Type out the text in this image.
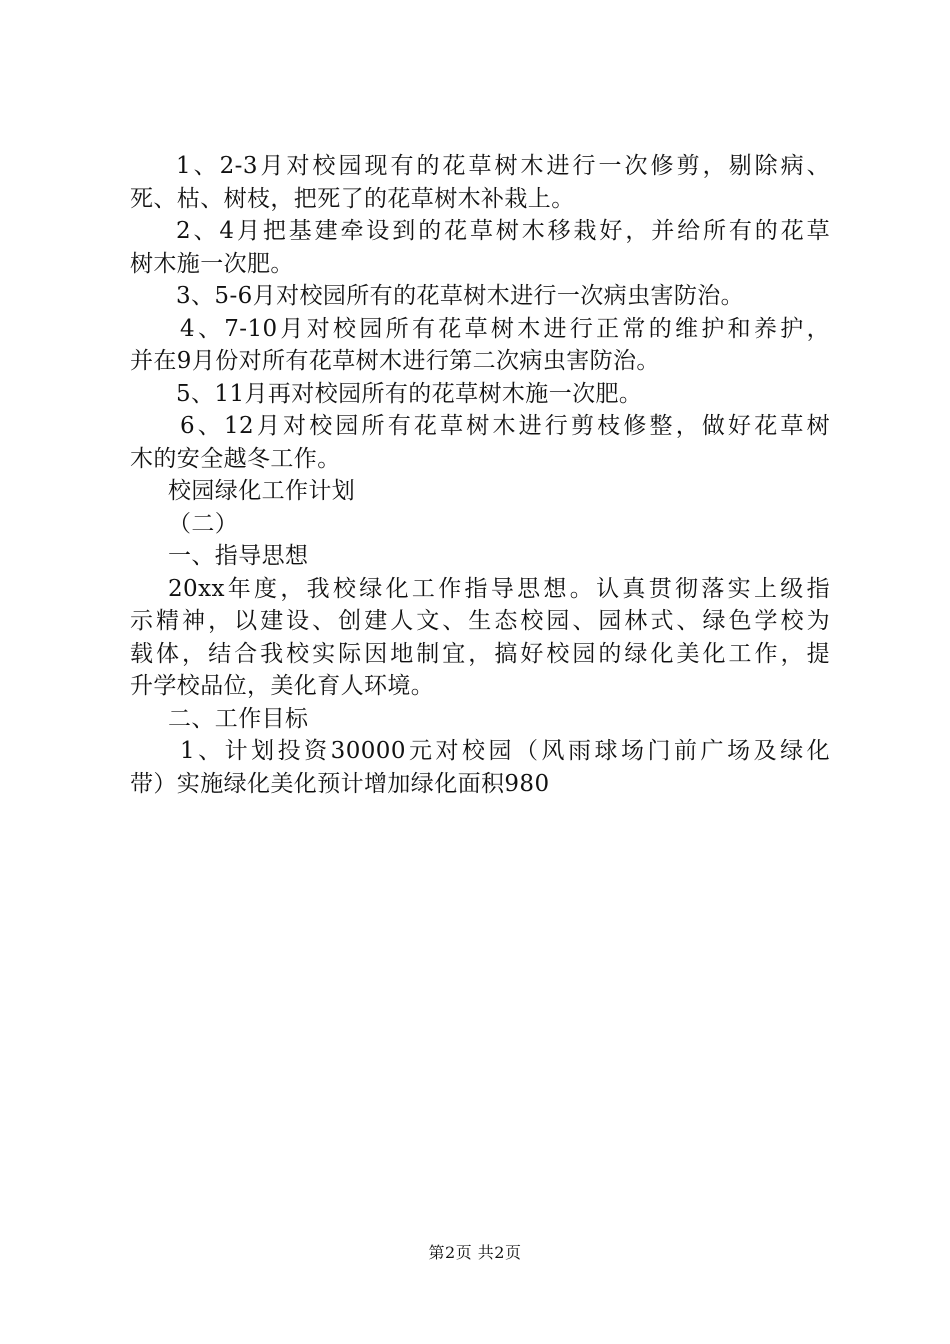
1、2-3月对校园现有的花草树木进行一次修剪，剔除病、
死、枯、树枝，把死了的花草树木补栽上。
2、4月把基建牵设到的花草树木移栽好，并给所有的花草
树木施一次肥。
3、5-6月对校园所有的花草树木进行一次病虫害防治。
4、7-10月对校园所有花草树木进行正常的维护和养护，
并在9月份对所有花草树木进行第二次病虫害防治。
5、11月再对校园所有的花草树木施一次肥。
6、12月对校园所有花草树木进行剪枝修整，做好花草树
木的安全越冬工作。
校园绿化工作计划
（二）
一、指导思想
20xx年度，我校绿化工作指导思想。认真贯彻落实上级指
示精神，以建设、创建人文、生态校园、园林式、绿色学校为
载体，结合我校实际因地制宜，搞好校园的绿化美化工作，提
升学校品位，美化育人环境。
二、工作目标
1、计划投资30000元对校园（风雨球场门前广场及绿化
带）实施绿化美化预计增加绿化面积980
第2页 共2页
